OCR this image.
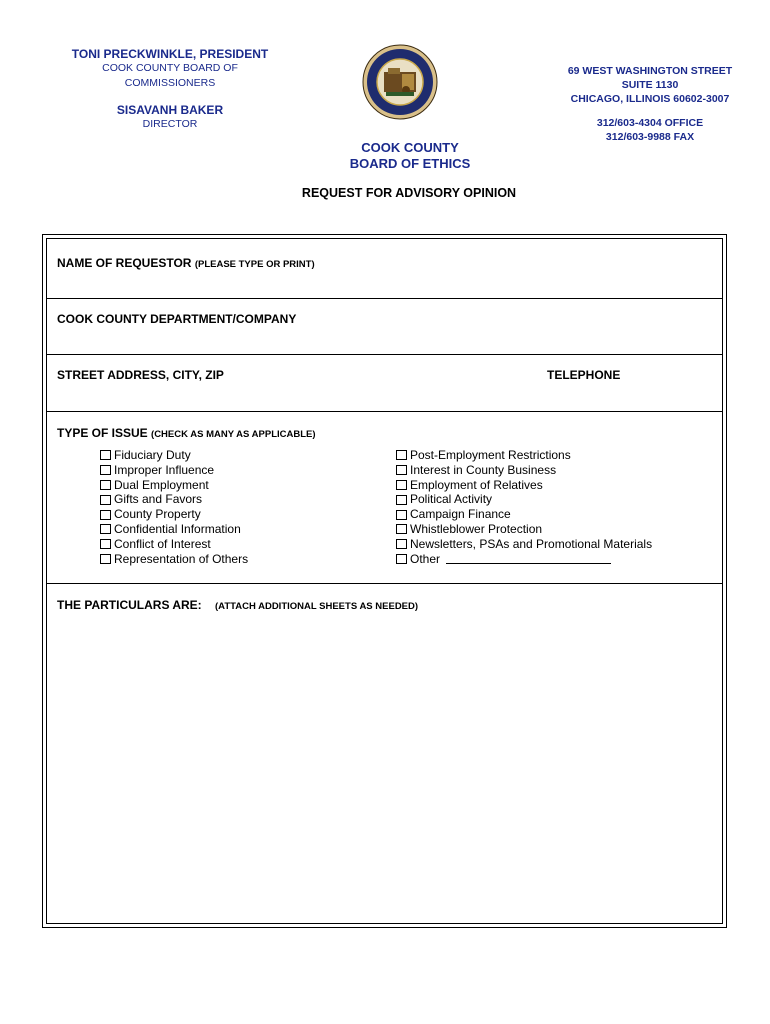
TONI PRECKWINKLE, PRESIDENT
COOK COUNTY BOARD OF
COMMISSIONERS
SISAVANH BAKER
DIRECTOR
69 WEST WASHINGTON STREET
SUITE 1130
CHICAGO, ILLINOIS 60602-3007
312/603-4304 OFFICE
312/603-9988 FAX
COOK COUNTY
BOARD OF ETHICS
REQUEST FOR ADVISORY OPINION
NAME OF REQUESTOR (PLEASE TYPE OR PRINT)
COOK COUNTY DEPARTMENT/COMPANY
STREET ADDRESS, CITY, ZIP	TELEPHONE
TYPE OF ISSUE (CHECK AS MANY AS APPLICABLE)
Fiduciary Duty
Improper Influence
Dual Employment
Gifts and Favors
County Property
Confidential Information
Conflict of Interest
Representation of Others
Post-Employment Restrictions
Interest in County Business
Employment of Relatives
Political Activity
Campaign Finance
Whistleblower Protection
Newsletters, PSAs and Promotional Materials
Other
THE PARTICULARS ARE: (ATTACH ADDITIONAL SHEETS AS NEEDED)
